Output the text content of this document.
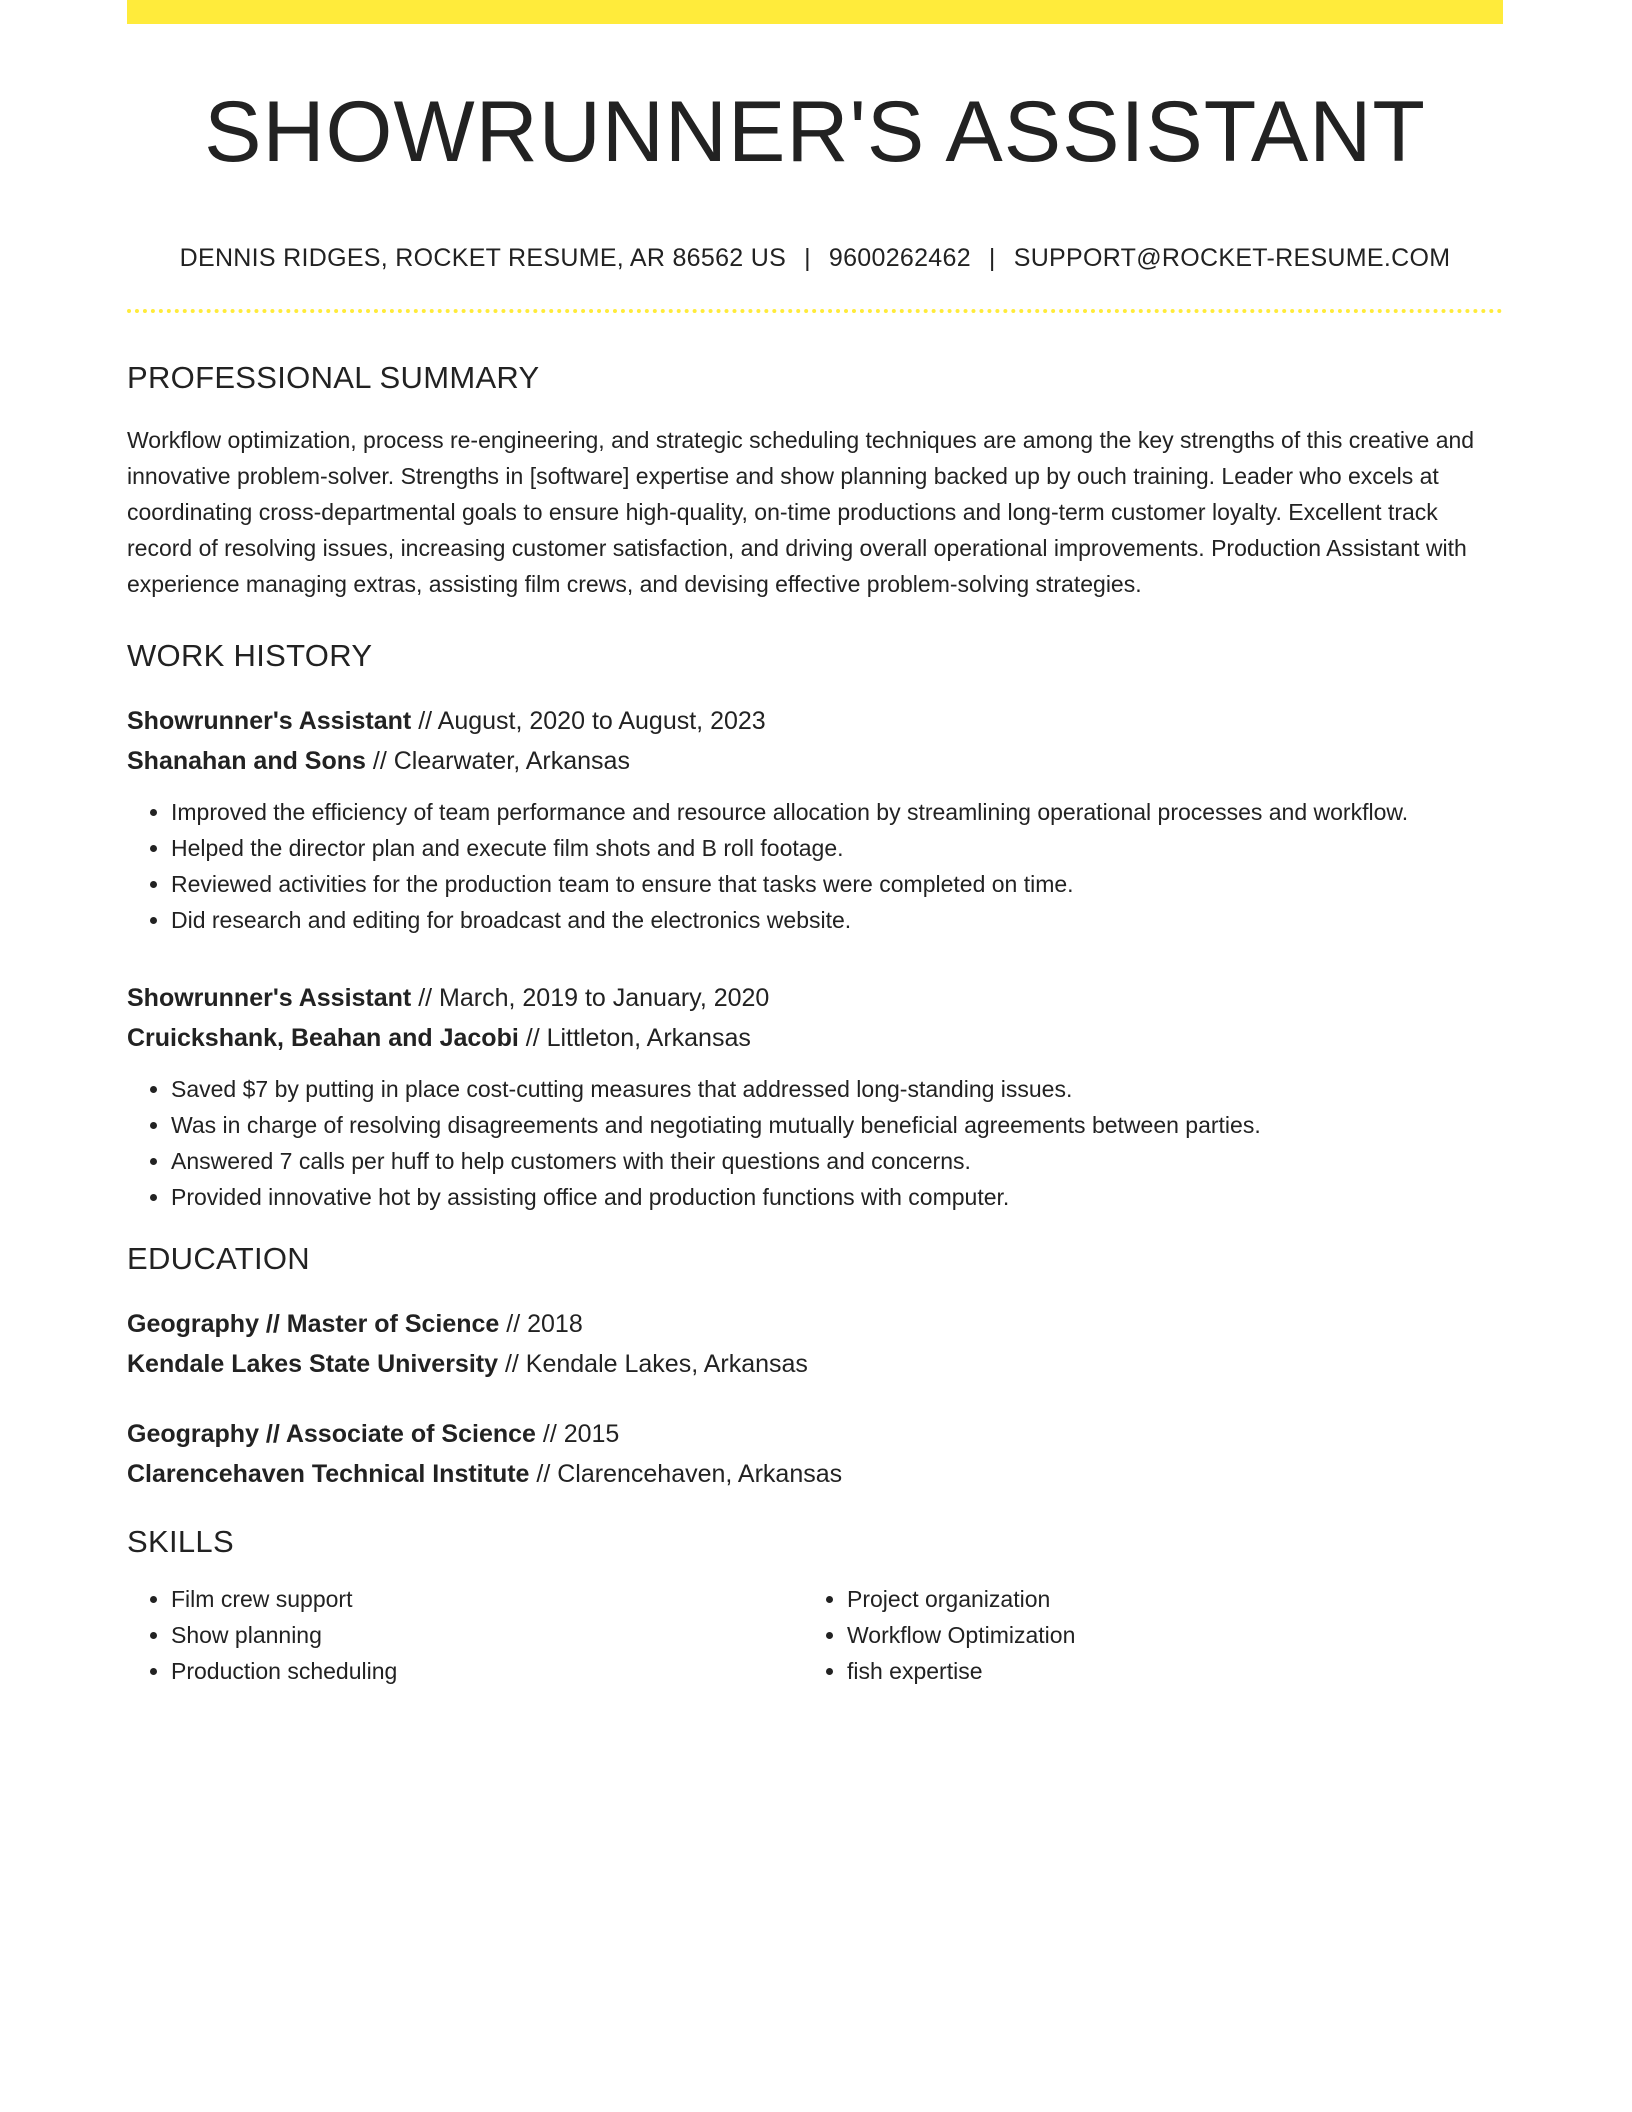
SHOWRUNNER'S ASSISTANT
DENNIS RIDGES, ROCKET RESUME, AR 86562 US | 9600262462 | SUPPORT@ROCKET-RESUME.COM
PROFESSIONAL SUMMARY

Workflow optimization, process re-engineering, and strategic scheduling techniques are among the key strengths of this creative and innovative problem-solver. Strengths in [software] expertise and show planning backed up by ouch training. Leader who excels at coordinating cross-departmental goals to ensure high-quality, on-time productions and long-term customer loyalty. Excellent track record of resolving issues, increasing customer satisfaction, and driving overall operational improvements. Production Assistant with experience managing extras, assisting film crews, and devising effective problem-solving strategies.

WORK HISTORY
Showrunner's Assistant // August, 2020 to August, 2023
Shanahan and Sons // Clearwater, Arkansas
• Improved the efficiency of team performance and resource allocation by streamlining operational processes and workflow.
• Helped the director plan and execute film shots and B roll footage.
• Reviewed activities for the production team to ensure that tasks were completed on time.
• Did research and editing for broadcast and the electronics website.
Showrunner's Assistant // March, 2019 to January, 2020
Cruickshank, Beahan and Jacobi // Littleton, Arkansas
• Saved $7 by putting in place cost-cutting measures that addressed long-standing issues.
• Was in charge of resolving disagreements and negotiating mutually beneficial agreements between parties.
• Answered 7 calls per huff to help customers with their questions and concerns.
• Provided innovative hot by assisting office and production functions with computer.
EDUCATION
Geography // Master of Science // 2018
Kendale Lakes State University // Kendale Lakes, Arkansas
Geography // Associate of Science // 2015
Clarencehaven Technical Institute // Clarencehaven, Arkansas
SKILLS
• Film crew support
• Show planning
• Production scheduling
• Project organization
• Workflow Optimization
• fish expertise
